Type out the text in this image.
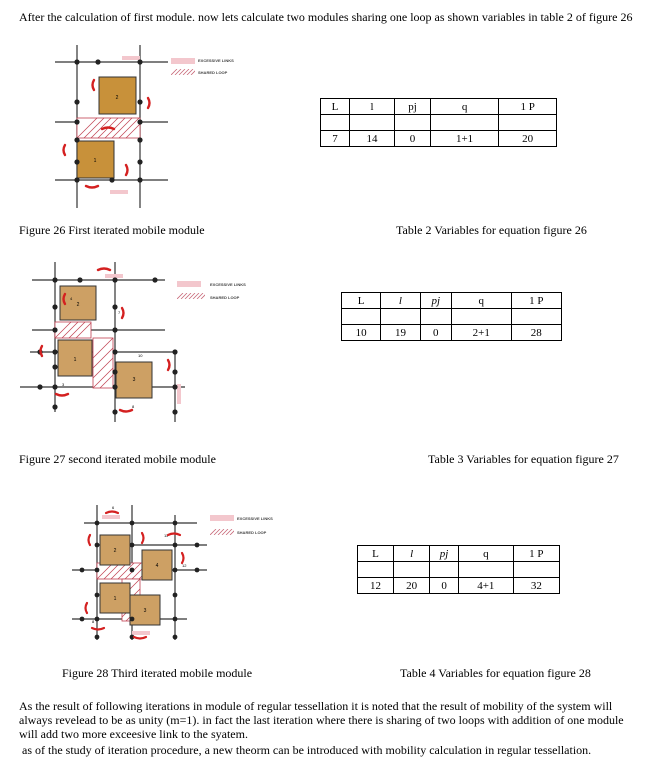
After the calculation of first module. now lets calculate two modules sharing one loop as shown variables in table 2 of figure 26
2
1
EXCESSIVE LINKS
SHARED LOOP
L	l	pj	q	1 P

7	14	0	1+1	20
Figure 26 First iterated mobile module	Table 2 Variables for equation figure 26
2
1
3
4
7
3
10
8
9
EXCESSIVE LINKS
SHARED LOOP	L	l	pj	q	1 P

10	19	0	2+1	28
Figure 27 second iterated mobile module	Table 3 Variables for equation figure 27
2
4
1
3
6
11
12
8
EXCESSIVE LINKS
SHARED LOOP
L	l	pj	q	1 P

12	20	0	4+1	32
Figure 28 Third iterated mobile module	Table 4 Variables for equation figure 28
As the result of following iterations in module of regular tessellation it is noted that the result of mobility of the system will always revelead to be as unity (m=1). in fact the last iteration where there is sharing of two loops with addition of one module will add two more exceesive link to the syatem.
as of the study of iteration procedure, a new theorm can be introduced with mobility calculation in regular tessellation.
